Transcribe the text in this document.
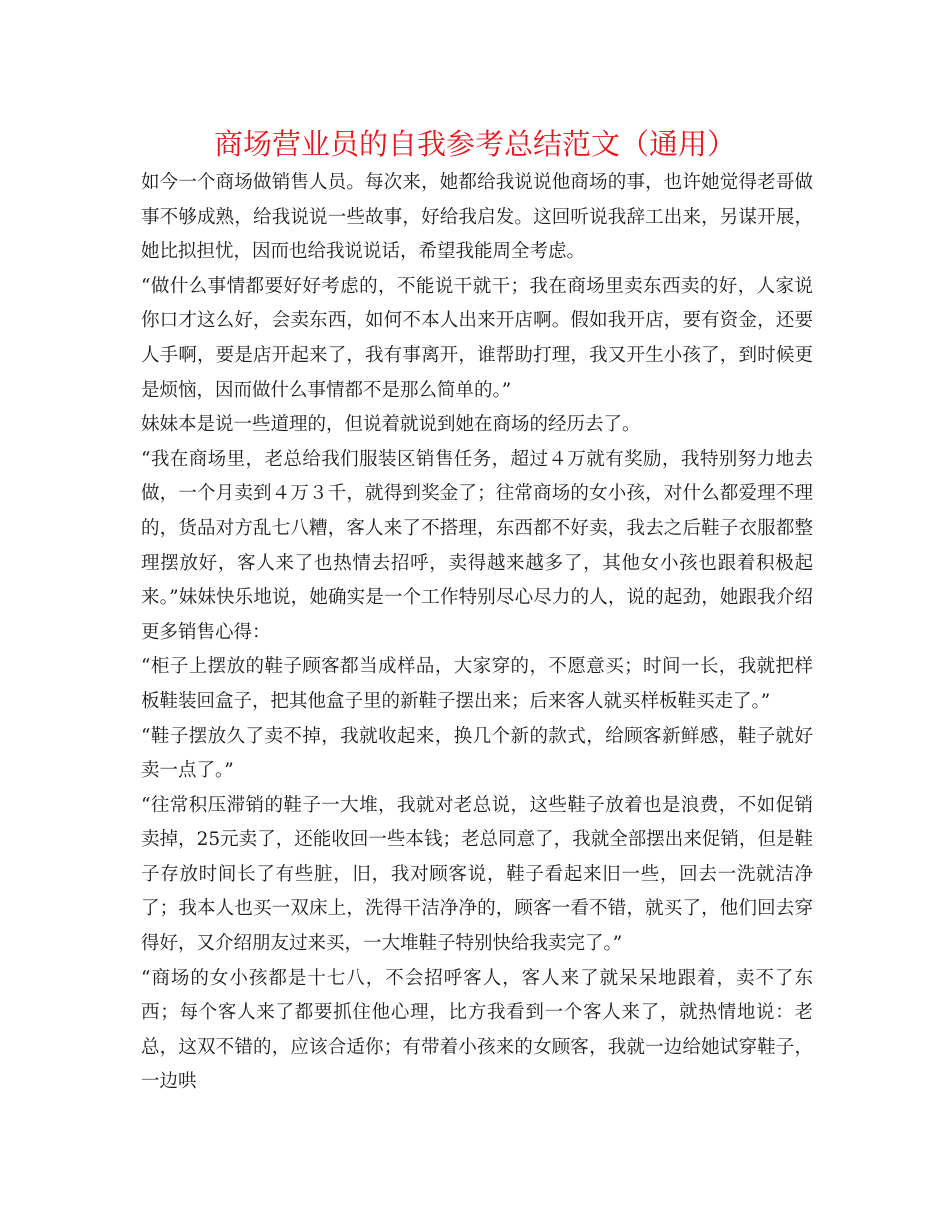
商场营业员的自我参考总结范文（通用）

如今一个商场做销售人员。每次来，她都给我说说他商场的事，也许她觉得老哥做事不够成熟，给我说说一些故事，好给我启发。这回听说我辞工出来，另谋开展，她比拟担忧，因而也给我说说话，希望我能周全考虑。

“做什么事情都要好好考虑的，不能说干就干；我在商场里卖东西卖的好，人家说你口才这么好，会卖东西，如何不本人出来开店啊。假如我开店，要有资金，还要人手啊，要是店开起来了，我有事离开，谁帮助打理，我又开生小孩了，到时候更是烦恼，因而做什么事情都不是那么简单的。”

妹妹本是说一些道理的，但说着就说到她在商场的经历去了。

“我在商场里，老总给我们服装区销售任务，超过４万就有奖励，我特别努力地去做，一个月卖到４万３千，就得到奖金了；往常商场的女小孩，对什么都爱理不理的，货品对方乱七八糟，客人来了不搭理，东西都不好卖，我去之后鞋子衣服都整理摆放好，客人来了也热情去招呼，卖得越来越多了，其他女小孩也跟着积极起来。”妹妹快乐地说，她确实是一个工作特别尽心尽力的人，说的起劲，她跟我介绍更多销售心得：

“柜子上摆放的鞋子顾客都当成样品，大家穿的，不愿意买；时间一长，我就把样板鞋装回盒子，把其他盒子里的新鞋子摆出来；后来客人就买样板鞋买走了。”

“鞋子摆放久了卖不掉，我就收起来，换几个新的款式，给顾客新鲜感，鞋子就好卖一点了。”

“往常积压滞销的鞋子一大堆，我就对老总说，这些鞋子放着也是浪费，不如促销卖掉，25元卖了，还能收回一些本钱；老总同意了，我就全部摆出来促销，但是鞋子存放时间长了有些脏，旧，我对顾客说，鞋子看起来旧一些，回去一洗就洁净了；我本人也买一双床上，洗得干洁净净的，顾客一看不错，就买了，他们回去穿得好，又介绍朋友过来买，一大堆鞋子特别快给我卖完了。”

“商场的女小孩都是十七八，不会招呼客人，客人来了就呆呆地跟着，卖不了东西；每个客人来了都要抓住他心理，比方我看到一个客人来了，就热情地说：老总，这双不错的，应该合适你；有带着小孩来的女顾客，我就一边给她试穿鞋子，一边哄
